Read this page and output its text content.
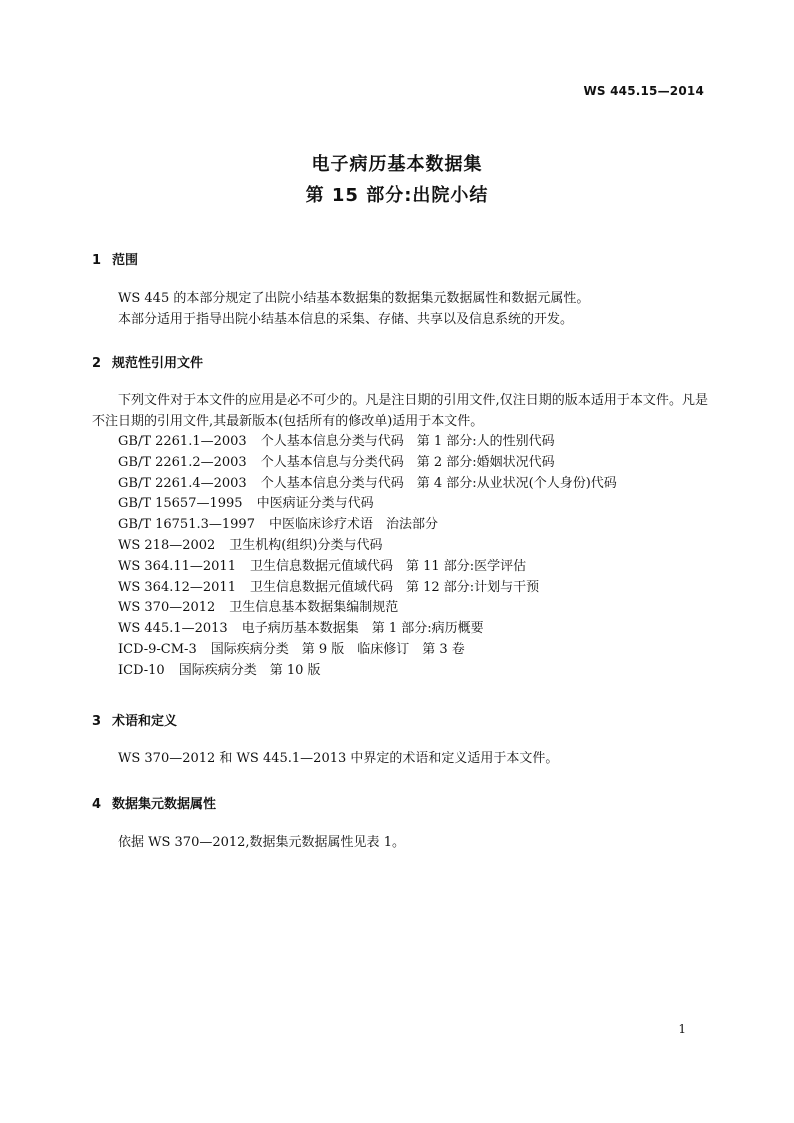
WS 445.15—2014
电子病历基本数据集
第 15 部分:出院小结
1 范围
WS 445 的本部分规定了出院小结基本数据集的数据集元数据属性和数据元属性。
本部分适用于指导出院小结基本信息的采集、存储、共享以及信息系统的开发。
2 规范性引用文件
下列文件对于本文件的应用是必不可少的。凡是注日期的引用文件,仅注日期的版本适用于本文件。凡是不注日期的引用文件,其最新版本(包括所有的修改单)适用于本文件。
GB/T 2261.1—2003 个人基本信息分类与代码　第 1 部分:人的性别代码
GB/T 2261.2—2003 个人基本信息与分类代码　第 2 部分:婚姻状况代码
GB/T 2261.4—2003 个人基本信息分类与代码　第 4 部分:从业状况(个人身份)代码
GB/T 15657—1995 中医病证分类与代码
GB/T 16751.3—1997 中医临床诊疗术语　治法部分
WS 218—2002 卫生机构(组织)分类与代码
WS 364.11—2011 卫生信息数据元值域代码　第 11 部分:医学评估
WS 364.12—2011 卫生信息数据元值域代码　第 12 部分:计划与干预
WS 370—2012 卫生信息基本数据集编制规范
WS 445.1—2013 电子病历基本数据集　第 1 部分:病历概要
ICD-9-CM-3 国际疾病分类　第 9 版　临床修订　第 3 卷
ICD-10 国际疾病分类　第 10 版
3 术语和定义
WS 370—2012 和 WS 445.1—2013 中界定的术语和定义适用于本文件。
4 数据集元数据属性
依据 WS 370—2012,数据集元数据属性见表 1。
1
